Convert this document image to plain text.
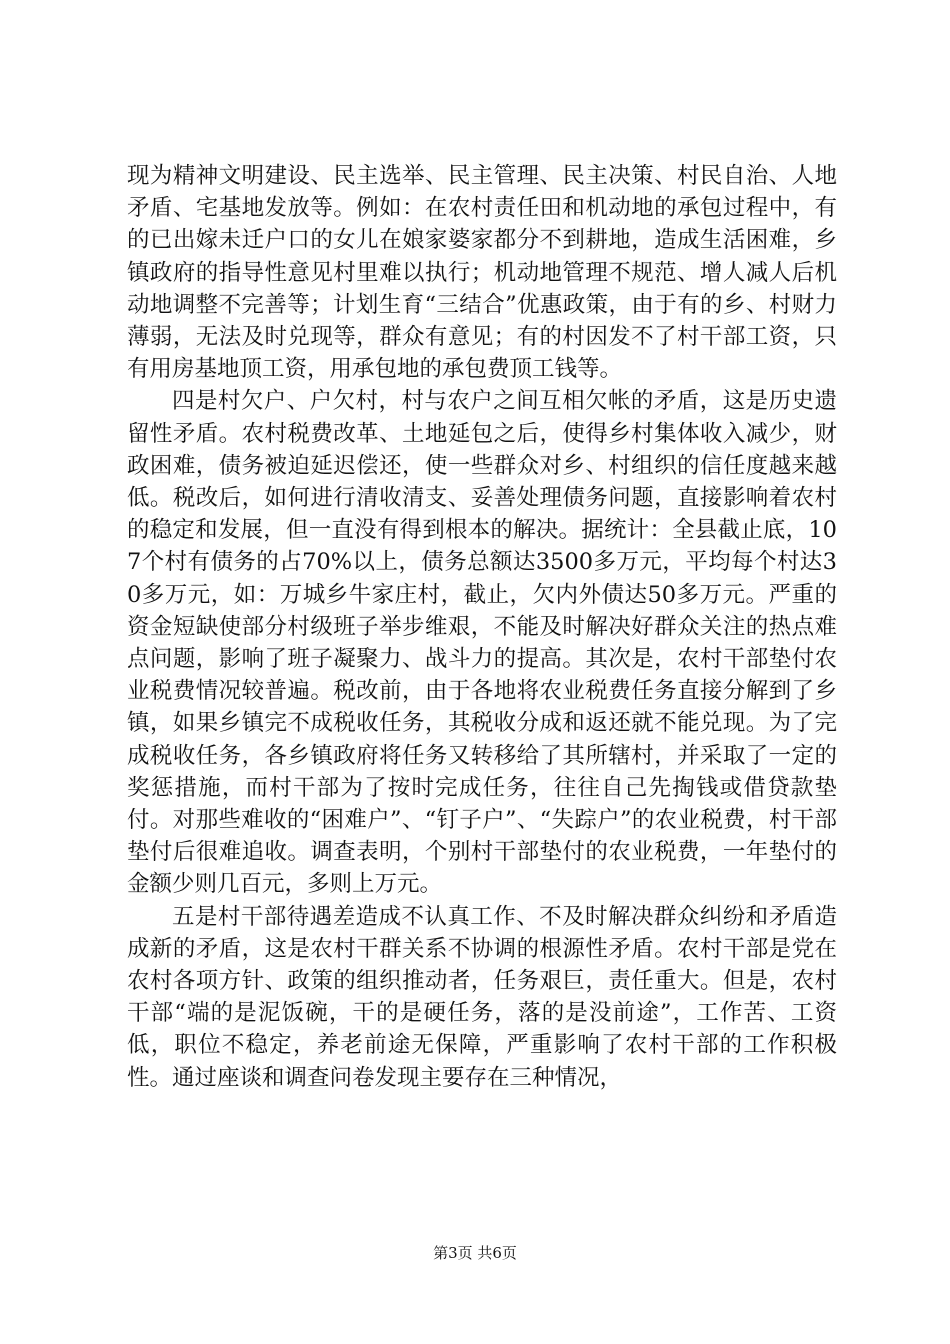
现为精神文明建设、民主选举、民主管理、民主决策、村民自治、人地矛盾、宅基地发放等。例如：在农村责任田和机动地的承包过程中，有的已出嫁未迁户口的女儿在娘家婆家都分不到耕地，造成生活困难，乡镇政府的指导性意见村里难以执行；机动地管理不规范、增人减人后机动地调整不完善等；计划生育“三结合”优惠政策，由于有的乡、村财力薄弱，无法及时兑现等，群众有意见；有的村因发不了村干部工资，只有用房基地顶工资，用承包地的承包费顶工钱等。

四是村欠户、户欠村，村与农户之间互相欠帐的矛盾，这是历史遗留性矛盾。农村税费改革、土地延包之后，使得乡村集体收入减少，财政困难，债务被迫延迟偿还，使一些群众对乡、村组织的信任度越来越低。税改后，如何进行清收清支、妥善处理债务问题，直接影响着农村的稳定和发展，但一直没有得到根本的解决。据统计：全县截止底，107个村有债务的占70%以上，债务总额达3500多万元，平均每个村达30多万元，如：万城乡牛家庄村，截止，欠内外债达50多万元。严重的资金短缺使部分村级班子举步维艰，不能及时解决好群众关注的热点难点问题，影响了班子凝聚力、战斗力的提高。其次是，农村干部垫付农业税费情况较普遍。税改前，由于各地将农业税费任务直接分解到了乡镇，如果乡镇完不成税收任务，其税收分成和返还就不能兑现。为了完成税收任务，各乡镇政府将任务又转移给了其所辖村，并采取了一定的奖惩措施，而村干部为了按时完成任务，往往自己先掏钱或借贷款垫付。对那些难收的“困难户”、“钉子户”、“失踪户”的农业税费，村干部垫付后很难追收。调查表明，个别村干部垫付的农业税费，一年垫付的金额少则几百元，多则上万元。

五是村干部待遇差造成不认真工作、不及时解决群众纠纷和矛盾造成新的矛盾，这是农村干群关系不协调的根源性矛盾。农村干部是党在农村各项方针、政策的组织推动者，任务艰巨，责任重大。但是，农村干部“端的是泥饭碗，干的是硬任务，落的是没前途”，工作苦、工资低，职位不稳定，养老前途无保障，严重影响了农村干部的工作积极性。通过座谈和调查问卷发现主要存在三种情况，

第3页 共6页
